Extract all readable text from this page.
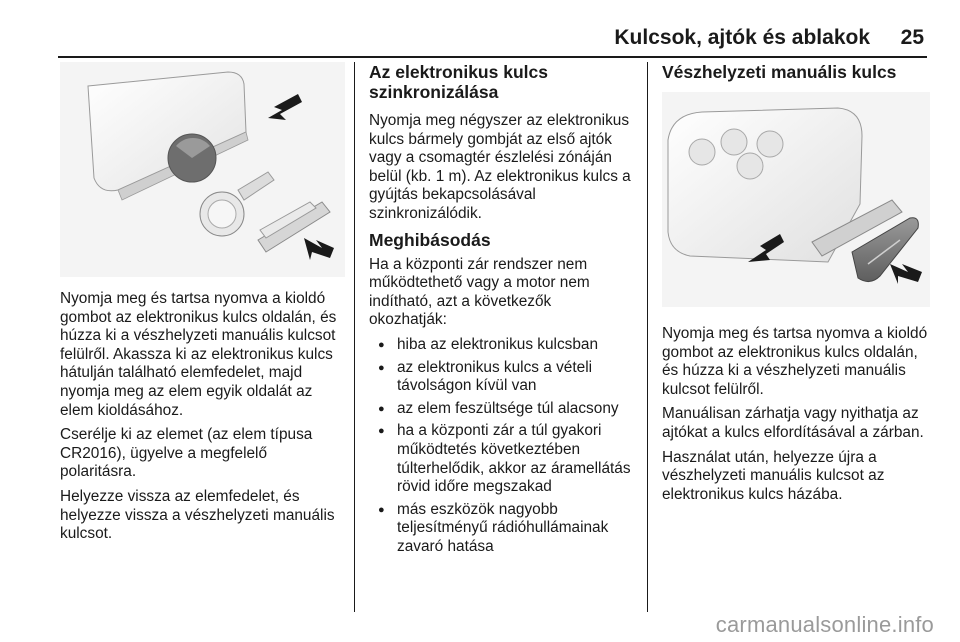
Kulcsok, ajtók és ablakok 25

Nyomja meg és tartsa nyomva a kioldó gombot az elektronikus kulcs oldalán, és húzza ki a vészhelyzeti manuális kulcsot felülről. Akassza ki az elektronikus kulcs hátulján található elemfedelet, majd nyomja meg az elem egyik oldalát az elem kioldásához.

Cserélje ki az elemet (az elem típusa CR2016), ügyelve a megfelelő polaritásra.

Helyezze vissza az elemfedelet, és helyezze vissza a vészhelyzeti manuális kulcsot.

Az elektronikus kulcs szinkronizálása

Nyomja meg négyszer az elektronikus kulcs bármely gombját az első ajtók vagy a csomagtér észlelési zónáján belül (kb. 1 m). Az elektronikus kulcs a gyújtás bekapcsolásával szinkronizálódik.

Meghibásodás

Ha a központi zár rendszer nem működtethető vagy a motor nem indítható, azt a következők okozhatják:

● hiba az elektronikus kulcsban
● az elektronikus kulcs a vételi távolságon kívül van
● az elem feszültsége túl alacsony
● ha a központi zár a túl gyakori működtetés következtében túlterhelődik, akkor az áramellátás rövid időre megszakad
● más eszközök nagyobb teljesítményű rádióhullámainak zavaró hatása
Vészhelyzeti manuális kulcs

Nyomja meg és tartsa nyomva a kioldó gombot az elektronikus kulcs oldalán, és húzza ki a vészhelyzeti manuális kulcsot felülről.

Manuálisan zárhatja vagy nyithatja az ajtókat a kulcs elfordításával a zárban.

Használat után, helyezze újra a vészhelyzeti manuális kulcsot az elektronikus kulcs házába.

carmanualsonline.info
